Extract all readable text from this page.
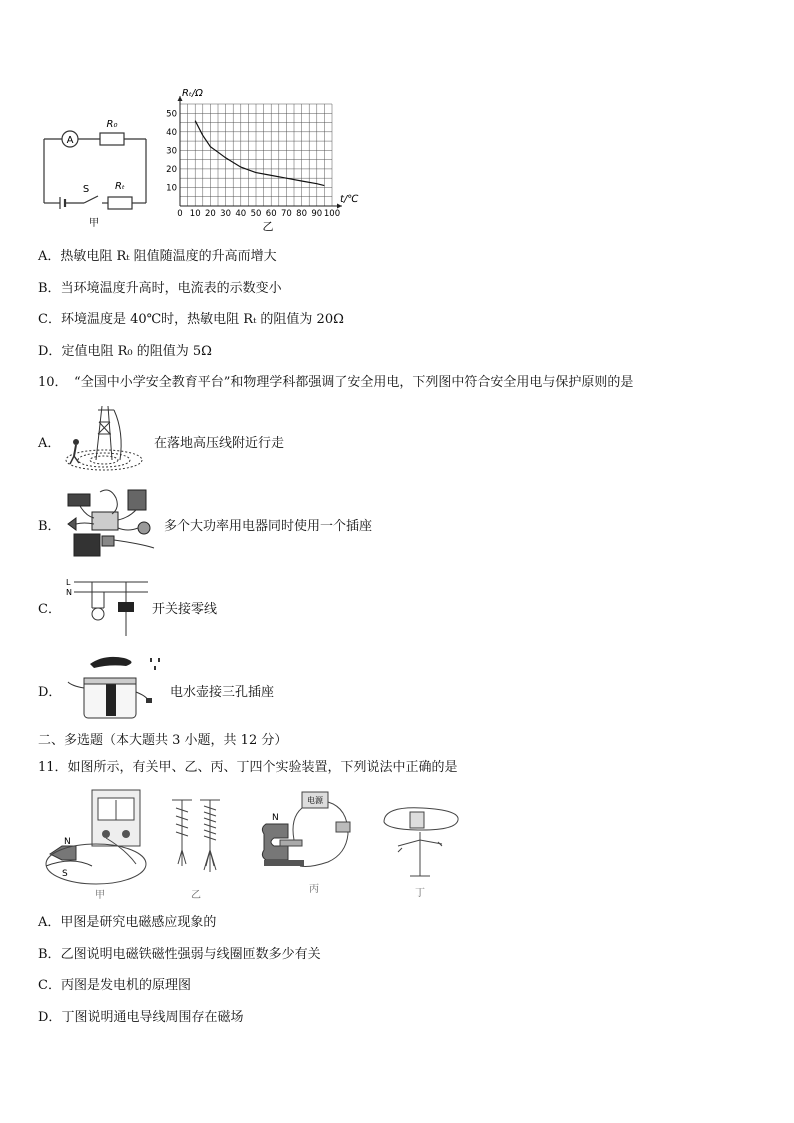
A
R₀
S	Rₜ
甲
0 10 20 30 40 50 60 70 80 90 100
10
20
30
40
50
Rₜ/Ω
t/℃
乙
A．热敏电阻 Rₜ 阻值随温度的升高而增大
B．当环境温度升高时，电流表的示数变小
C．环境温度是 40℃时，热敏电阻 Rₜ 的阻值为 20Ω
D．定值电阻 R₀ 的阻值为 5Ω
10．　“全国中小学安全教育平台”和物理学科都强调了安全用电，下列图中符合安全用电与保护原则的是
A．	在落地高压线附近行走
B．	多个大功率用电器同时使用一个插座
C．
L
N
开关接零线
D．	电水壶接三孔插座
二、多选题（本大题共 3 小题，共 12 分）
11．如图所示，有关甲、乙、丙、丁四个实验装置，下列说法中正确的是
N
S
甲	乙
电源
N
丙	丁
A．甲图是研究电磁感应现象的
B．乙图说明电磁铁磁性强弱与线圈匝数多少有关
C．丙图是发电机的原理图
D．丁图说明通电导线周围存在磁场
